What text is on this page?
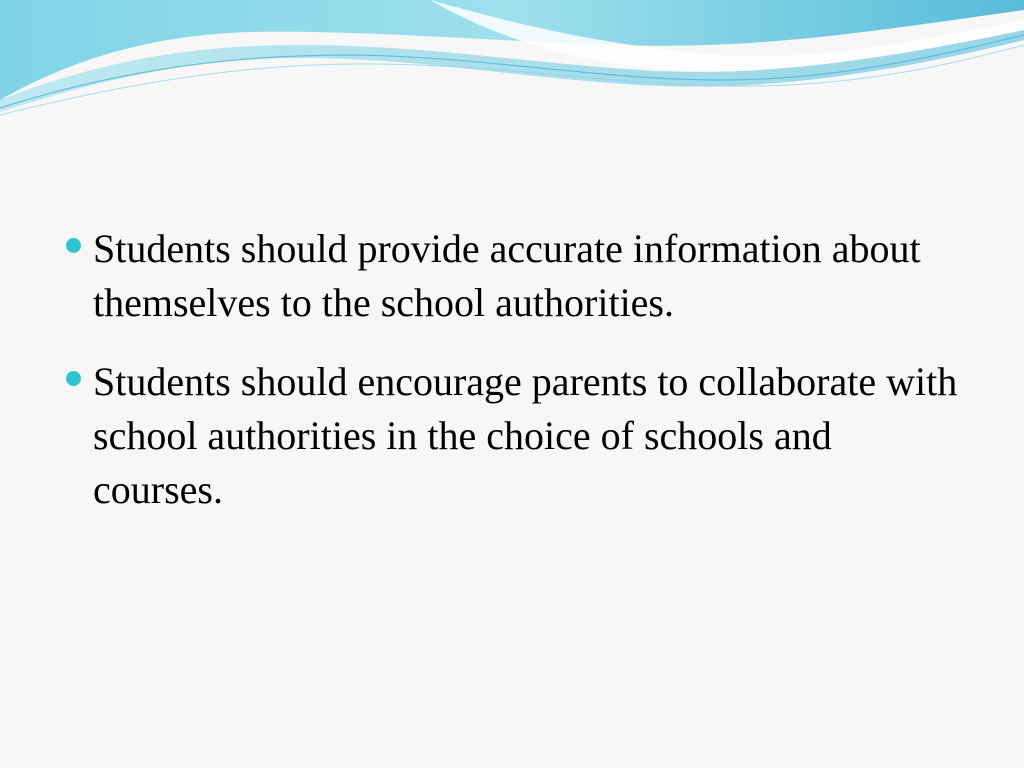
Students should provide accurate information about themselves to the school authorities.
Students should encourage parents to collaborate with school authorities in the choice of schools and courses.
